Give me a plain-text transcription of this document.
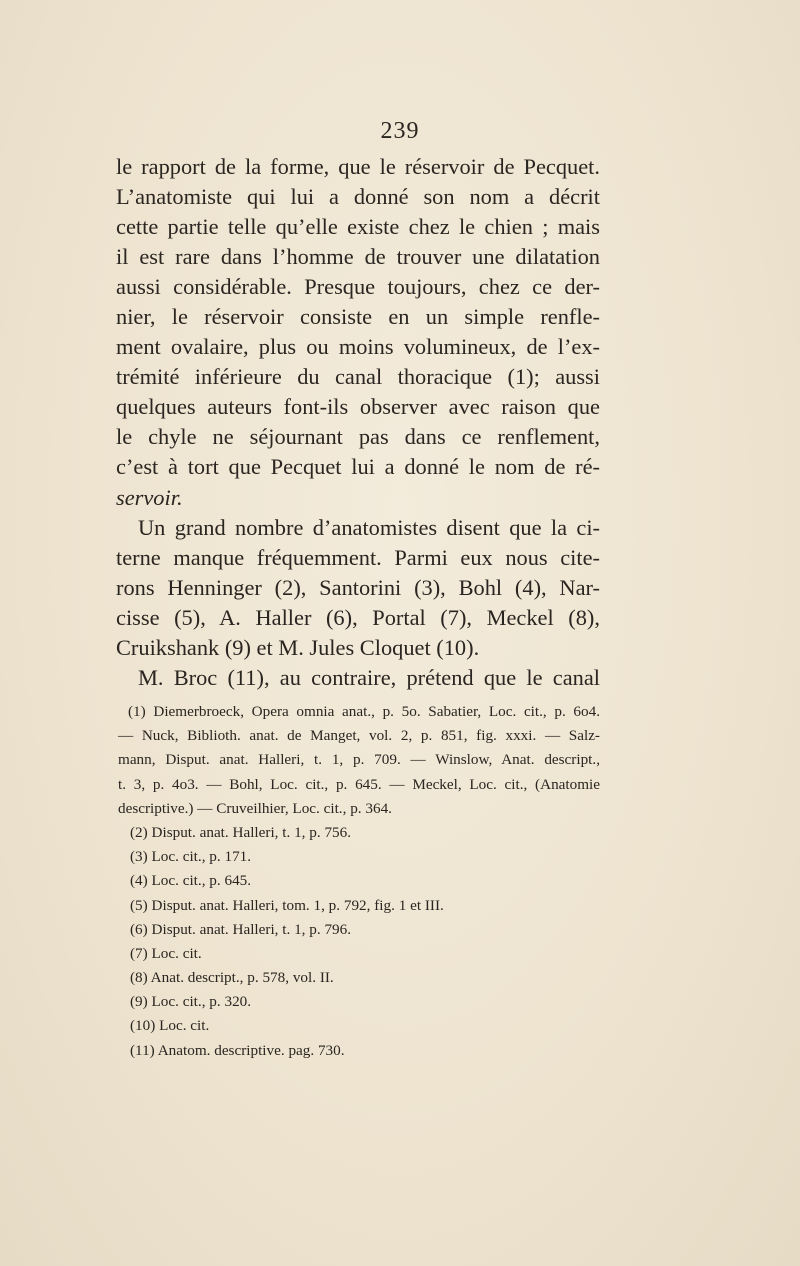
239
le rapport de la forme, que le réservoir de Pecquet.
L’anatomiste qui lui a donné son nom a décrit
cette partie telle qu’elle existe chez le chien ; mais
il est rare dans l’homme de trouver une dilatation
aussi considérable. Presque toujours, chez ce der-
nier, le réservoir consiste en un simple renfle-
ment ovalaire, plus ou moins volumineux, de l’ex-
trémité inférieure du canal thoracique (1); aussi
quelques auteurs font-ils observer avec raison que
le chyle ne séjournant pas dans ce renflement,
c’est à tort que Pecquet lui a donné le nom de ré-
servoir.
Un grand nombre d’anatomistes disent que la ci-
terne manque fréquemment. Parmi eux nous cite-
rons Henninger (2), Santorini (3), Bohl (4), Nar-
cisse (5), A. Haller (6), Portal (7), Meckel (8),
Cruikshank (9) et M. Jules Cloquet (10).
M. Broc (11), au contraire, prétend que le canal
(1) Diemerbroeck, Opera omnia anat., p. 5o. Sabatier, Loc. cit., p. 6o4.
— Nuck, Biblioth. anat. de Manget, vol. 2, p. 851, fig. xxxi. — Salz-
mann, Disput. anat. Halleri, t. 1, p. 709. — Winslow, Anat. descript.,
t. 3, p. 4o3. — Bohl, Loc. cit., p. 645. — Meckel, Loc. cit., (Anatomie
descriptive.) — Cruveilhier, Loc. cit., p. 364.
(2) Disput. anat. Halleri, t. 1, p. 756.
(3) Loc. cit., p. 171.
(4) Loc. cit., p. 645.
(5) Disput. anat. Halleri, tom. 1, p. 792, fig. 1 et III.
(6) Disput. anat. Halleri, t. 1, p. 796.
(7) Loc. cit.
(8) Anat. descript., p. 578, vol. II.
(9) Loc. cit., p. 320.
(10) Loc. cit.
(11) Anatom. descriptive. pag. 730.
